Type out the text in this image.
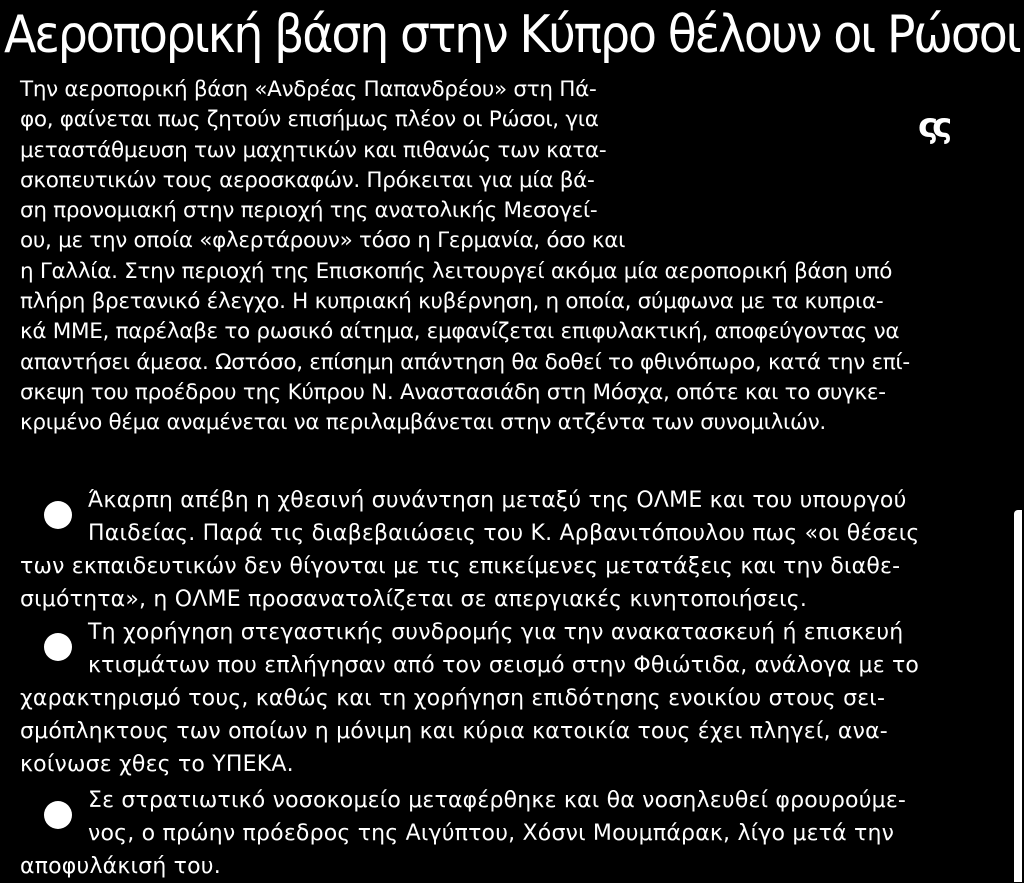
Αεροπορική βάση στην Κύπρο θέλουν οι Ρώσοι
ςς
Την αεροπορική βάση «Ανδρέας Παπανδρέου» στη Πά-
φο, φαίνεται πως ζητούν επισήμως πλέον οι Ρώσοι, για
μεταστάθμευση των μαχητικών και πιθανώς των κατα-
σκοπευτικών τους αεροσκαφών. Πρόκειται για μία βά-
ση προνομιακή στην περιοχή της ανατολικής Μεσογεί-
ου, με την οποία «φλερτάρουν» τόσο η Γερμανία, όσο και
η Γαλλία. Στην περιοχή της Επισκοπής λειτουργεί ακόμα μία αεροπορική βάση υπό
πλήρη βρετανικό έλεγχο. Η κυπριακή κυβέρνηση, η οποία, σύμφωνα με τα κυπρια-
κά ΜΜΕ, παρέλαβε το ρωσικό αίτημα, εμφανίζεται επιφυλακτική, αποφεύγοντας να
απαντήσει άμεσα. Ωστόσο, επίσημη απάντηση θα δοθεί το φθινόπωρο, κατά την επί-
σκεψη του προέδρου της Κύπρου Ν. Αναστασιάδη στη Μόσχα, οπότε και το συγκε-
κριμένο θέμα αναμένεται να περιλαμβάνεται στην ατζέντα των συνομιλιών.
Άκαρπη απέβη η χθεσινή συνάντηση μεταξύ της ΟΛΜΕ και του υπουργού
Παιδείας. Παρά τις διαβεβαιώσεις του Κ. Αρβανιτόπουλου πως «οι θέσεις
των εκπαιδευτικών δεν θίγονται με τις επικείμενες μετατάξεις και την διαθε-
σιμότητα», η ΟΛΜΕ προσανατολίζεται σε απεργιακές κινητοποιήσεις.
Τη χορήγηση στεγαστικής συνδρομής για την ανακατασκευή ή επισκευή
κτισμάτων που επλήγησαν από τον σεισμό στην Φθιώτιδα, ανάλογα με το
χαρακτηρισμό τους, καθώς και τη χορήγηση επιδότησης ενοικίου στους σει-
σμόπληκτους των οποίων η μόνιμη και κύρια κατοικία τους έχει πληγεί, ανα-
κοίνωσε χθες το ΥΠΕΚΑ.
Σε στρατιωτικό νοσοκομείο μεταφέρθηκε και θα νοσηλευθεί φρουρούμε-
νος, ο πρώην πρόεδρος της Αιγύπτου, Χόσνι Μουμπάρακ, λίγο μετά την
αποφυλάκισή του.
